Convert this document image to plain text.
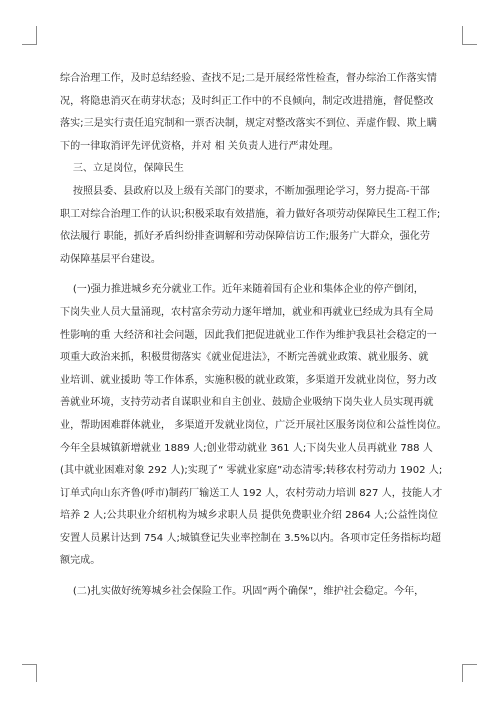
综合治理工作，及时总结经验、查找不足;二是开展经常性检查，督办综治工作落实情
况，将隐患消灭在萌芽状态；及时纠正工作中的不良倾向，制定改进措施，督促整改
落实;三是实行责任追究制和一票否决制，规定对整改落实不到位、弄虚作假、欺上瞒
下的一律取消评先评优资格，并对 相 关负责人进行严肃处理。
三、立足岗位，保障民生
按照县委、县政府以及上级有关部门的要求，不断加强理论学习，努力提高-干部
职工对综合治理工作的认识;积极采取有效措施，着力做好各项劳动保障民生工程工作;
依法履行 职能，抓好矛盾纠纷排查调解和劳动保障信访工作;服务广大群众，强化劳
动保障基层平台建设。
(一)强力推进城乡充分就业工作。近年来随着国有企业和集体企业的停产倒闭，
下岗失业人员大量涌现，农村富余劳动力逐年增加，就业和再就业已经成为具有全局
性影响的重 大经济和社会问题，因此我们把促进就业工作作为维护我县社会稳定的一
项重大政治来抓，积极贯彻落实《就业促进法》，不断完善就业政策、就业服务、就
业培训、就业援助 等工作体系，实施积极的就业政策，多渠道开发就业岗位，努力改
善就业环境，支持劳动者自谋职业和自主创业、鼓励企业吸纳下岗失业人员实现再就
业，帮助困难群体就业， 多渠道开发就业岗位，广泛开展社区服务岗位和公益性岗位。
今年全县城镇新增就业 1889 人;创业带动就业 361 人;下岗失业人员再就业 788 人
(其中就业困难对象 292 人);实现了“ 零就业家庭”动态清零;转移农村劳动力 1902 人;
订单式向山东齐鲁(呼市)制药厂输送工人 192 人，农村劳动力培训 827 人，技能人才
培养 2 人;公共职业介绍机构为城乡求职人员 提供免费职业介绍 2864 人;公益性岗位
安置人员累计达到 754 人;城镇登记失业率控制在 3.5%以内。各项市定任务指标均超
额完成。
(二)扎实做好统筹城乡社会保险工作。巩固“两个确保”，维护社会稳定。今年，
